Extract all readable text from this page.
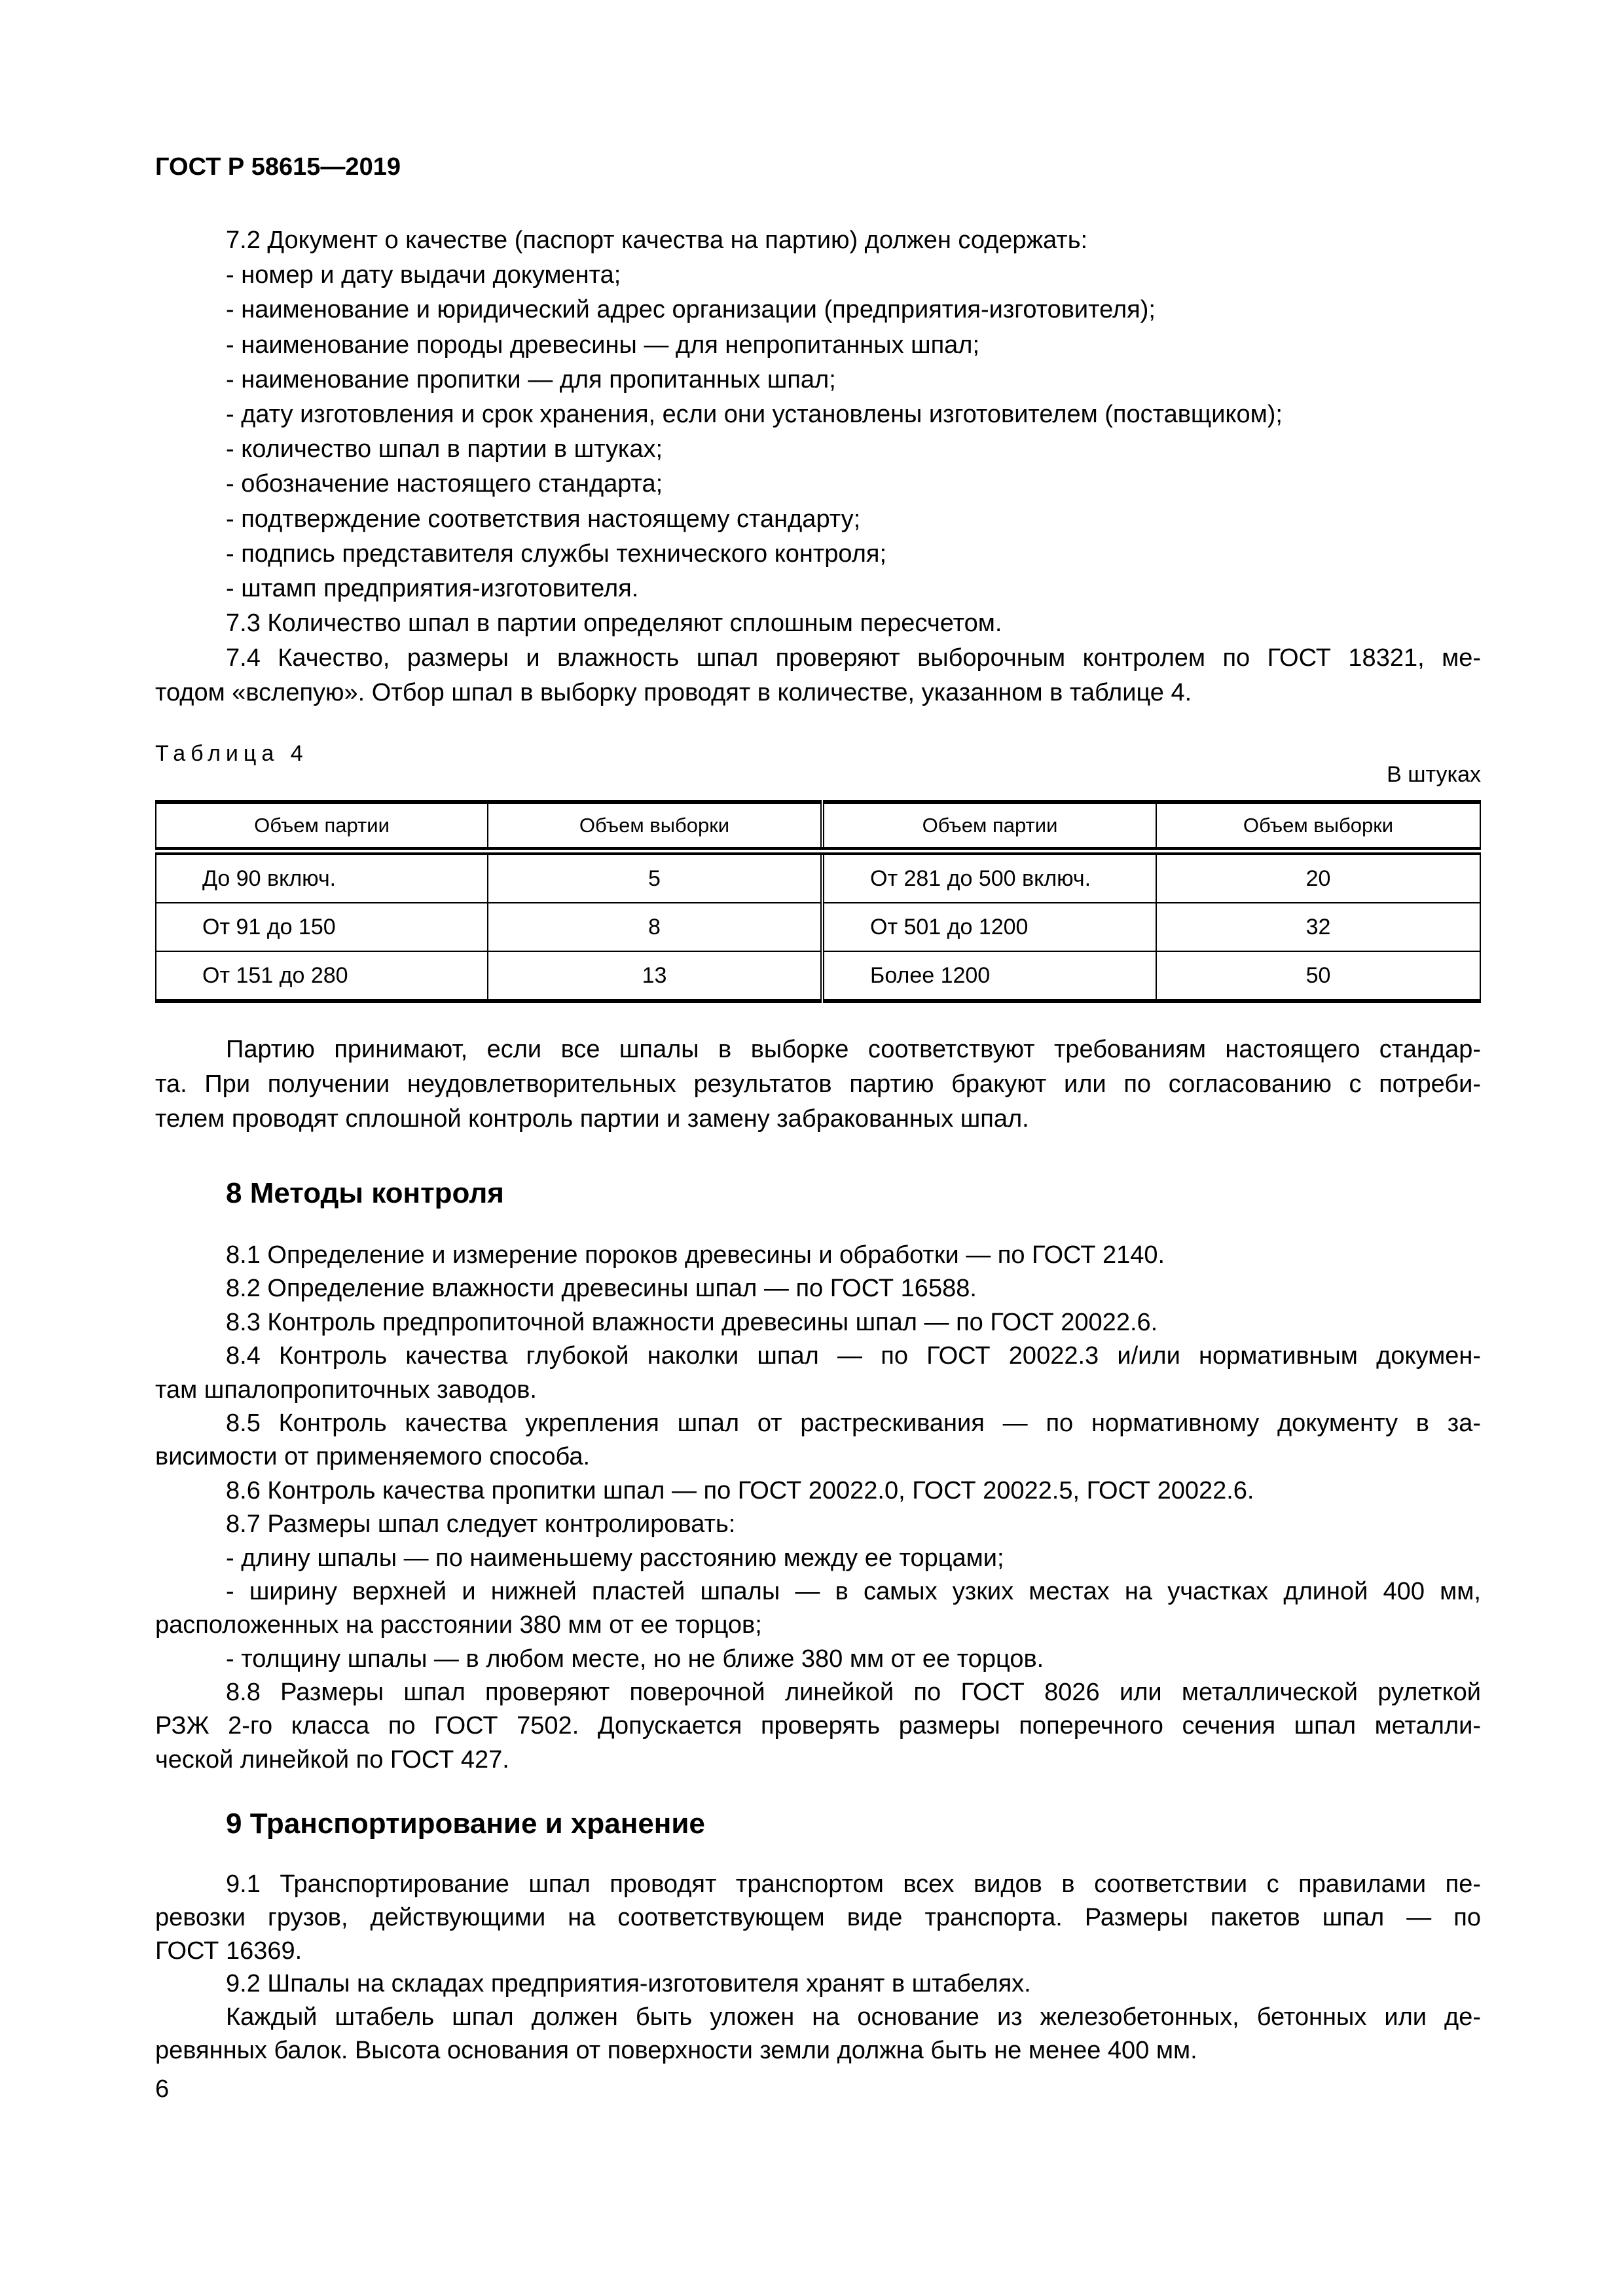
ГОСТ Р 58615—2019
7.2 Документ о качестве (паспорт качества на партию) должен содержать:
- номер и дату выдачи документа;
- наименование и юридический адрес организации (предприятия-изготовителя);
- наименование породы древесины — для непропитанных шпал;
- наименование пропитки — для пропитанных шпал;
- дату изготовления и срок хранения, если они установлены изготовителем (поставщиком);
- количество шпал в партии в штуках;
- обозначение настоящего стандарта;
- подтверждение соответствия настоящему стандарту;
- подпись представителя службы технического контроля;
- штамп предприятия-изготовителя.
7.3 Количество шпал в партии определяют сплошным пересчетом.
7.4 Качество, размеры и влажность шпал проверяют выборочным контролем по ГОСТ 18321, ме-
тодом «вслепую». Отбор шпал в выборку проводят в количестве, указанном в таблице 4.
Таблица 4
В штуках
Объем партии	Объем выборки	Объем партии	Объем выборки
До 90 включ.	5	От 281 до 500 включ.	20
От 91 до 150	8	От 501 до 1200	32
От 151 до 280	13	Более 1200	50
Партию принимают, если все шпалы в выборке соответствуют требованиям настоящего стандар-
та. При получении неудовлетворительных результатов партию бракуют или по согласованию с потреби-
телем проводят сплошной контроль партии и замену забракованных шпал.
8 Методы контроля
8.1 Определение и измерение пороков древесины и обработки — по ГОСТ 2140.
8.2 Определение влажности древесины шпал — по ГОСТ 16588.
8.3 Контроль предпропиточной влажности древесины шпал — по ГОСТ 20022.6.
8.4 Контроль качества глубокой наколки шпал — по ГОСТ 20022.3 и/или нормативным докумен-
там шпалопропиточных заводов.
8.5 Контроль качества укрепления шпал от растрескивания — по нормативному документу в за-
висимости от применяемого способа.
8.6 Контроль качества пропитки шпал — по ГОСТ 20022.0, ГОСТ 20022.5, ГОСТ 20022.6.
8.7 Размеры шпал следует контролировать:
- длину шпалы — по наименьшему расстоянию между ее торцами;
- ширину верхней и нижней пластей шпалы — в самых узких местах на участках длиной 400 мм,
расположенных на расстоянии 380 мм от ее торцов;
- толщину шпалы — в любом месте, но не ближе 380 мм от ее торцов.
8.8 Размеры шпал проверяют поверочной линейкой по ГОСТ 8026 или металлической рулеткой
РЗЖ 2-го класса по ГОСТ 7502. Допускается проверять размеры поперечного сечения шпал металли-
ческой линейкой по ГОСТ 427.
9 Транспортирование и хранение
9.1 Транспортирование шпал проводят транспортом всех видов в соответствии с правилами пе-
ревозки грузов, действующими на соответствующем виде транспорта. Размеры пакетов шпал — по
ГОСТ 16369.
9.2 Шпалы на складах предприятия-изготовителя хранят в штабелях.
Каждый штабель шпал должен быть уложен на основание из железобетонных, бетонных или де-
ревянных балок. Высота основания от поверхности земли должна быть не менее 400 мм.
6
